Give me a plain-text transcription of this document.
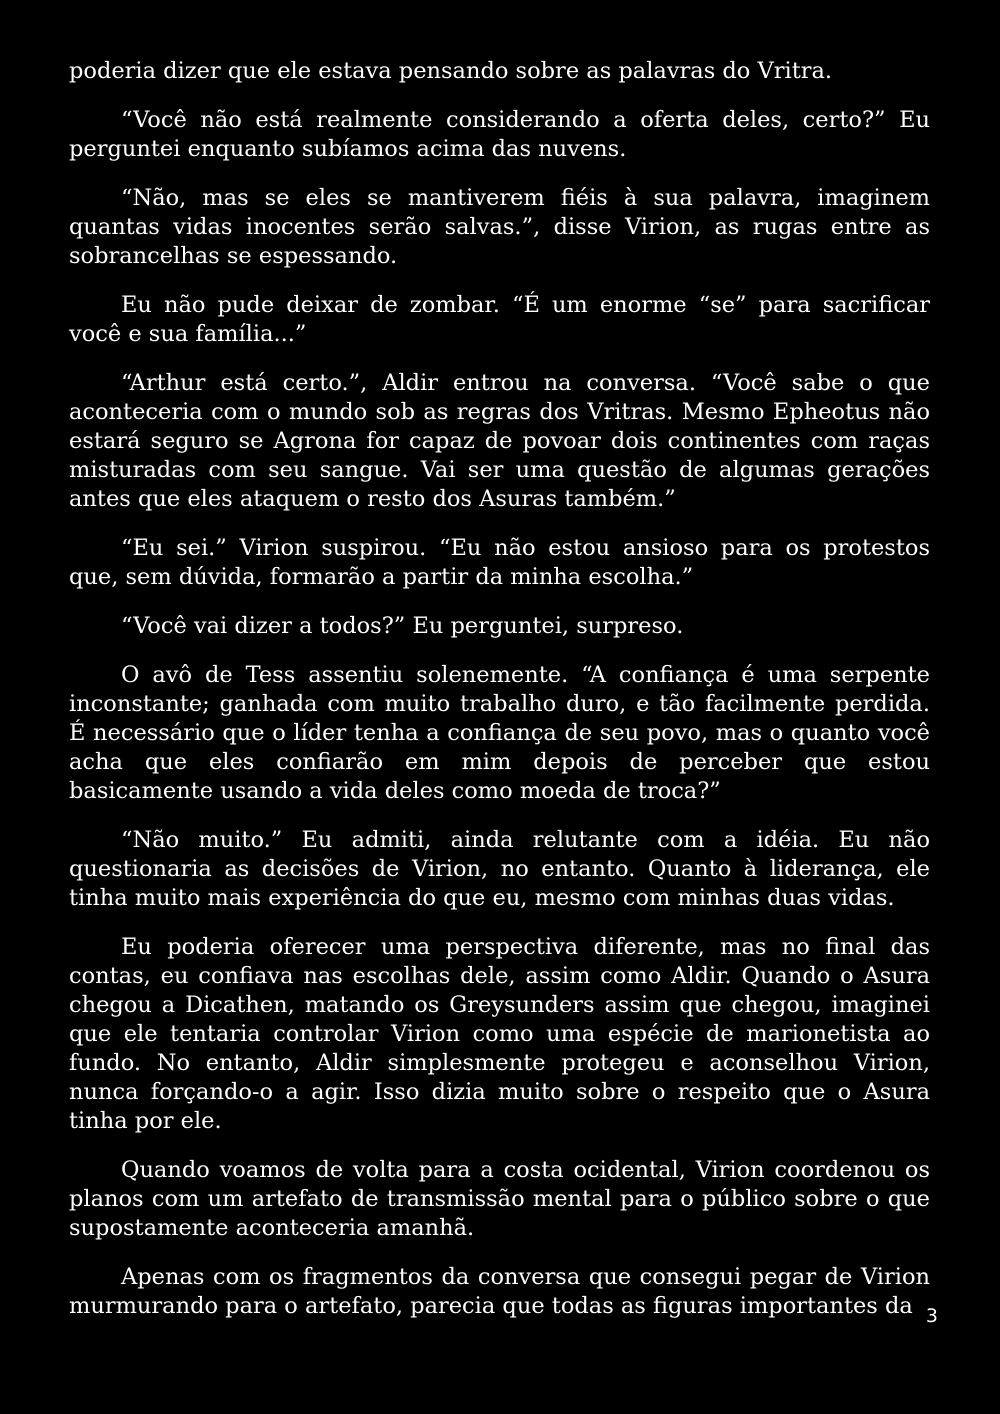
poderia dizer que ele estava pensando sobre as palavras do Vritra.

“Você não está realmente considerando a oferta deles, certo?” Eu perguntei enquanto subíamos acima das nuvens.

“Não, mas se eles se mantiverem fiéis à sua palavra, imaginem quantas vidas inocentes serão salvas.”, disse Virion, as rugas entre as sobrancelhas se espessando.

Eu não pude deixar de zombar. “É um enorme “se” para sacrificar você e sua família...”

“Arthur está certo.”, Aldir entrou na conversa. “Você sabe o que aconteceria com o mundo sob as regras dos Vritras. Mesmo Epheotus não estará seguro se Agrona for capaz de povoar dois continentes com raças misturadas com seu sangue. Vai ser uma questão de algumas gerações antes que eles ataquem o resto dos Asuras também.”

“Eu sei.” Virion suspirou. “Eu não estou ansioso para os protestos que, sem dúvida, formarão a partir da minha escolha.”

“Você vai dizer a todos?” Eu perguntei, surpreso.

O avô de Tess assentiu solenemente. “A confiança é uma serpente inconstante; ganhada com muito trabalho duro, e tão facilmente perdida. É necessário que o líder tenha a confiança de seu povo, mas o quanto você acha que eles confiarão em mim depois de perceber que estou basicamente usando a vida deles como moeda de troca?”

“Não muito.” Eu admiti, ainda relutante com a idéia. Eu não questionaria as decisões de Virion, no entanto. Quanto à liderança, ele tinha muito mais experiência do que eu, mesmo com minhas duas vidas.

Eu poderia oferecer uma perspectiva diferente, mas no final das contas, eu confiava nas escolhas dele, assim como Aldir. Quando o Asura chegou a Dicathen, matando os Greysunders assim que chegou, imaginei que ele tentaria controlar Virion como uma espécie de marionetista ao fundo. No entanto, Aldir simplesmente protegeu e aconselhou Virion, nunca forçando-o a agir. Isso dizia muito sobre o respeito que o Asura tinha por ele.

Quando voamos de volta para a costa ocidental, Virion coordenou os planos com um artefato de transmissão mental para o público sobre o que supostamente aconteceria amanhã.

Apenas com os fragmentos da conversa que consegui pegar de Virion murmurando para o artefato, parecia que todas as figuras importantes da 3
